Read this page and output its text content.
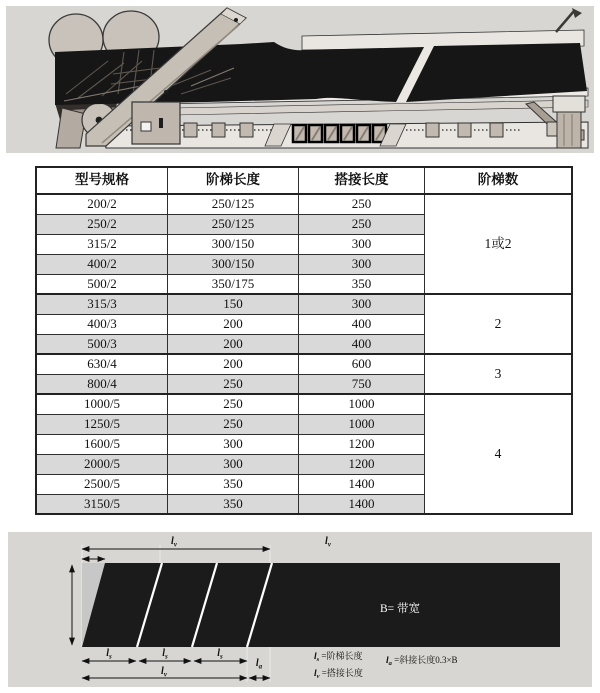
型号规格	阶梯长度	搭接长度	阶梯数
200/2	250/125	250	1或2
250/2	250/125	250	
315/2	300/150	300	
400/2	300/150	300	
500/2	350/175	350	
315/3	150	300	2
400/3	200	400	
500/3	200	400	
630/4	200	600	3
800/4	250	750	
1000/5	250	1000	4
1250/5	250	1000	
1600/5	300	1200	
2000/5	300	1200	
2500/5	350	1400	
3150/5	350	1400	
$l_v$	$l_v$
$l_s$	$l_s$	$l_s$
$l_v$
$l_a$
B= 带宽
$l_s$ =阶梯长度
$l_v$ =搭接长度
$l_a$ =斜接长度0.3×B
